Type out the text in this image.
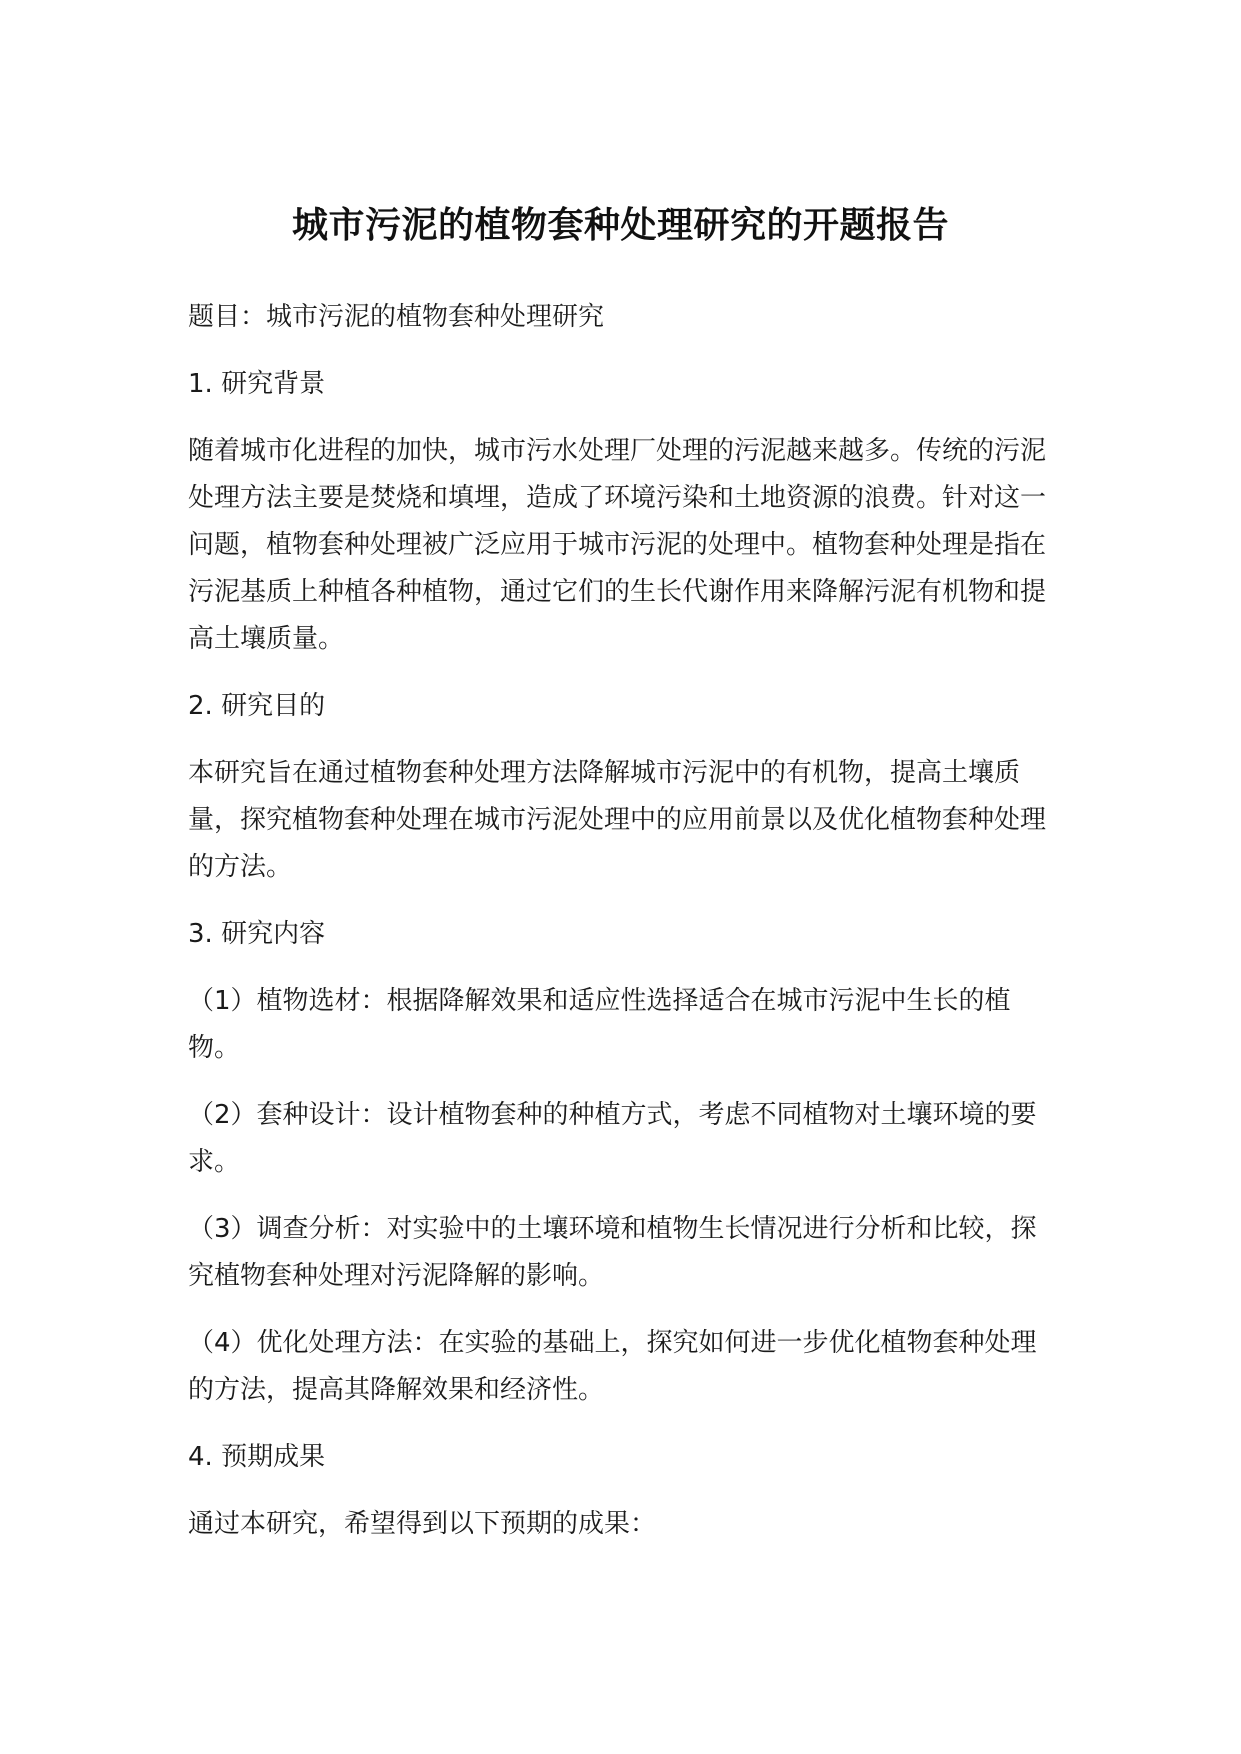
城市污泥的植物套种处理研究的开题报告

题目：城市污泥的植物套种处理研究

1. 研究背景

随着城市化进程的加快，城市污水处理厂处理的污泥越来越多。传统的污泥处理方法主要是焚烧和填埋，造成了环境污染和土地资源的浪费。针对这一问题，植物套种处理被广泛应用于城市污泥的处理中。植物套种处理是指在污泥基质上种植各种植物，通过它们的生长代谢作用来降解污泥有机物和提高土壤质量。

2. 研究目的

本研究旨在通过植物套种处理方法降解城市污泥中的有机物，提高土壤质量，探究植物套种处理在城市污泥处理中的应用前景以及优化植物套种处理的方法。

3. 研究内容

（1）植物选材：根据降解效果和适应性选择适合在城市污泥中生长的植物。

（2）套种设计：设计植物套种的种植方式，考虑不同植物对土壤环境的要求。

（3）调查分析：对实验中的土壤环境和植物生长情况进行分析和比较，探究植物套种处理对污泥降解的影响。

（4）优化处理方法：在实验的基础上，探究如何进一步优化植物套种处理的方法，提高其降解效果和经济性。

4. 预期成果

通过本研究，希望得到以下预期的成果：
